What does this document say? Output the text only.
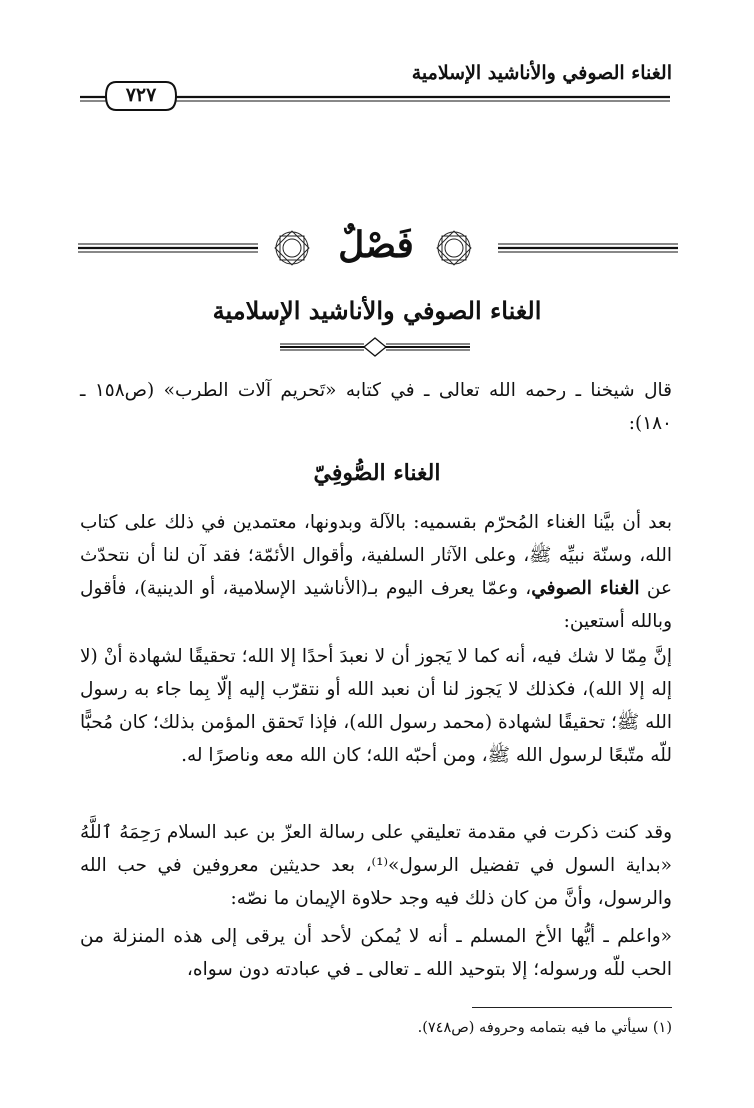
الغناء الصوفي والأناشيد الإسلامية
٧٢٧
فَصْلٌ
الغناء الصوفي والأناشيد الإسلامية
قال شيخنا ـ رحمه الله تعالى ـ في كتابه «تَحريم آلات الطرب» (ص١٥٨ ـ ١٨٠):
الغناء الصُّوفِيّ
بعد أن بيَّنا الغناء المُحرّم بقسميه: بالآلة وبدونها، معتمدين في ذلك على كتاب الله، وسنّة نبيِّه ﷺ، وعلى الآثار السلفية، وأقوال الأئمّة؛ فقد آن لنا أن نتحدّث عن الغناء الصوفي، وعمّا يعرف اليوم بـ(الأناشيد الإسلامية، أو الدينية)، فأقول وبالله أستعين:
إنَّ مِمّا لا شك فيه، أنه كما لا يَجوز أن لا نعبدَ أحدًا إلا الله؛ تحقيقًا لشهادة أنْ (لا إله إلا الله)، فكذلك لا يَجوز لنا أن نعبد الله أو نتقرّب إليه إلّا بِما جاء به رسول الله ﷺ؛ تحقيقًا لشهادة (محمد رسول الله)، فإذا تَحقق المؤمن بذلك؛ كان مُحبًّا للّه متّبعًا لرسول الله ﷺ، ومن أحبّه الله؛ كان الله معه وناصرًا له.
وقد كنت ذكرت في مقدمة تعليقي على رسالة العزّ بن عبد السلام رَحِمَهُ ٱللَّهُ «بداية السول في تفضيل الرسول»⁽¹⁾، بعد حديثين معروفين في حب الله والرسول، وأنَّ من كان ذلك فيه وجد حلاوة الإيمان ما نصّه:
«واعلم ـ أيُّها الأخ المسلم ـ أنه لا يُمكن لأحد أن يرقى إلى هذه المنزلة من الحب للّه ورسوله؛ إلا بتوحيد الله ـ تعالى ـ في عبادته دون سواه،
(١) سيأتي ما فيه بتمامه وحروفه (ص٧٤٨).
